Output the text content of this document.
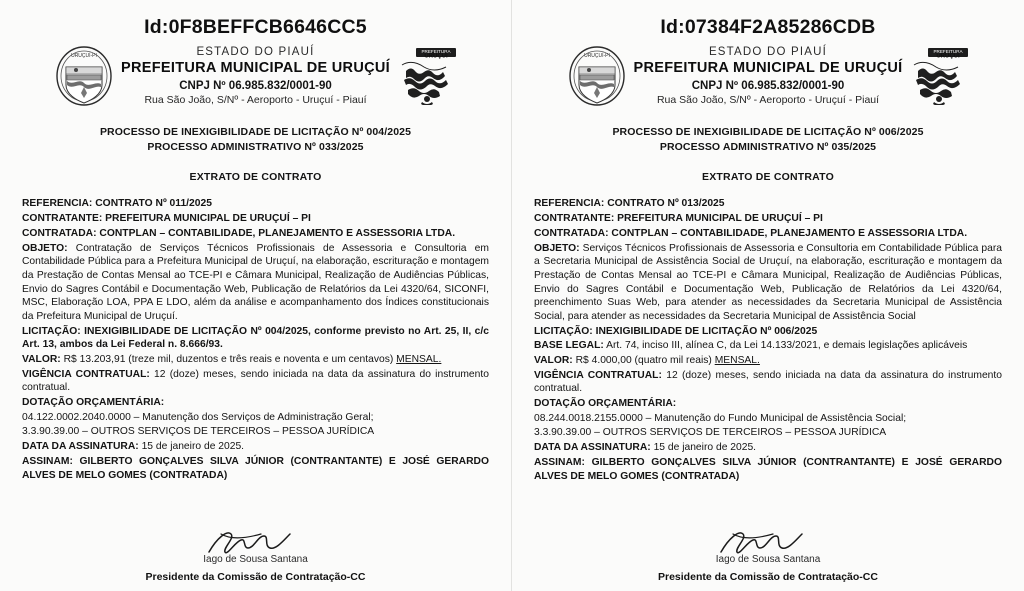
Id:0F8BEFFCB6646CC5
URUÇUÍ-PI	ESTADO DO PIAUÍ
PREFEITURA MUNICIPAL DE URUÇUÍ
CNPJ Nº 06.985.832/0001-90
Rua São João, S/Nº - Aeroporto - Uruçuí - Piauí
PREFEITURA
URUÇUÍ
PROCESSO DE INEXIGIBILIDADE DE LICITAÇÃO Nº 004/2025
PROCESSO ADMINISTRATIVO Nº 033/2025
EXTRATO DE CONTRATO

REFERENCIA: CONTRATO Nº 011/2025

CONTRATANTE: PREFEITURA MUNICIPAL DE URUÇUÍ – PI

CONTRATADA: CONTPLAN – CONTABILIDADE, PLANEJAMENTO E ASSESSORIA LTDA.

OBJETO: Contratação de Serviços Técnicos Profissionais de Assessoria e Consultoria em Contabilidade Pública para a Prefeitura Municipal de Uruçuí, na elaboração, escrituração e montagem da Prestação de Contas Mensal ao TCE-PI e Câmara Municipal, Realização de Audiências Públicas, Envio do Sagres Contábil e Documentação Web, Publicação de Relatórios da Lei 4320/64, SICONFI, MSC, Elaboração LOA, PPA E LDO, além da análise e acompanhamento dos Índices constitucionais da Prefeitura Municipal de Uruçuí.

LICITAÇÃO: INEXIGIBILIDADE DE LICITAÇÃO Nº 004/2025, conforme previsto no Art. 25, II, c/c Art. 13, ambos da Lei Federal n. 8.666/93.

VALOR: R$ 13.203,91 (treze mil, duzentos e três reais e noventa e um centavos) MENSAL.

VIGÊNCIA CONTRATUAL: 12 (doze) meses, sendo iniciada na data da assinatura do instrumento contratual.

DOTAÇÃO ORÇAMENTÁRIA:

04.122.0002.2040.0000 – Manutenção dos Serviços de Administração Geral;

3.3.90.39.00 – OUTROS SERVIÇOS DE TERCEIROS – PESSOA JURÍDICA

DATA DA ASSINATURA: 15 de janeiro de 2025.

ASSINAM: GILBERTO GONÇALVES SILVA JÚNIOR (CONTRANTANTE) E JOSÉ GERARDO ALVES DE MELO GOMES (CONTRATADA)

Iago de Sousa Santana
Presidente da Comissão de Contratação-CC
Id:07384F2A85286CDB
URUÇUÍ-PI	ESTADO DO PIAUÍ
PREFEITURA MUNICIPAL DE URUÇUÍ
CNPJ Nº 06.985.832/0001-90
Rua São João, S/Nº - Aeroporto - Uruçuí - Piauí
PREFEITURA
URUÇUÍ
PROCESSO DE INEXIGIBILIDADE DE LICITAÇÃO Nº 006/2025
PROCESSO ADMINISTRATIVO Nº 035/2025
EXTRATO DE CONTRATO

REFERENCIA: CONTRATO Nº 013/2025

CONTRATANTE: PREFEITURA MUNICIPAL DE URUÇUÍ – PI

CONTRATADA: CONTPLAN – CONTABILIDADE, PLANEJAMENTO E ASSESSORIA LTDA.

OBJETO: Serviços Técnicos Profissionais de Assessoria e Consultoria em Contabilidade Pública para a Secretaria Municipal de Assistência Social de Uruçuí, na elaboração, escrituração e montagem da Prestação de Contas Mensal ao TCE-PI e Câmara Municipal, Realização de Audiências Públicas, Envio do Sagres Contábil e Documentação Web, Publicação de Relatórios da Lei 4320/64, preenchimento Suas Web, para atender as necessidades da Secretaria Municipal de Assistência Social, para atender as necessidades da Secretaria Municipal de Assistência Social

LICITAÇÃO: INEXIGIBILIDADE DE LICITAÇÃO Nº 006/2025

BASE LEGAL: Art. 74, inciso III, alínea C, da Lei 14.133/2021, e demais legislações aplicáveis

VALOR: R$ 4.000,00 (quatro mil reais) MENSAL.

VIGÊNCIA CONTRATUAL: 12 (doze) meses, sendo iniciada na data da assinatura do instrumento contratual.

DOTAÇÃO ORÇAMENTÁRIA:

08.244.0018.2155.0000 – Manutenção do Fundo Municipal de Assistência Social;

3.3.90.39.00 – OUTROS SERVIÇOS DE TERCEIROS – PESSOA JURÍDICA

DATA DA ASSINATURA: 15 de janeiro de 2025.

ASSINAM: GILBERTO GONÇALVES SILVA JÚNIOR (CONTRANTANTE) E JOSÉ GERARDO ALVES DE MELO GOMES (CONTRATADA)

Iago de Sousa Santana
Presidente da Comissão de Contratação-CC
